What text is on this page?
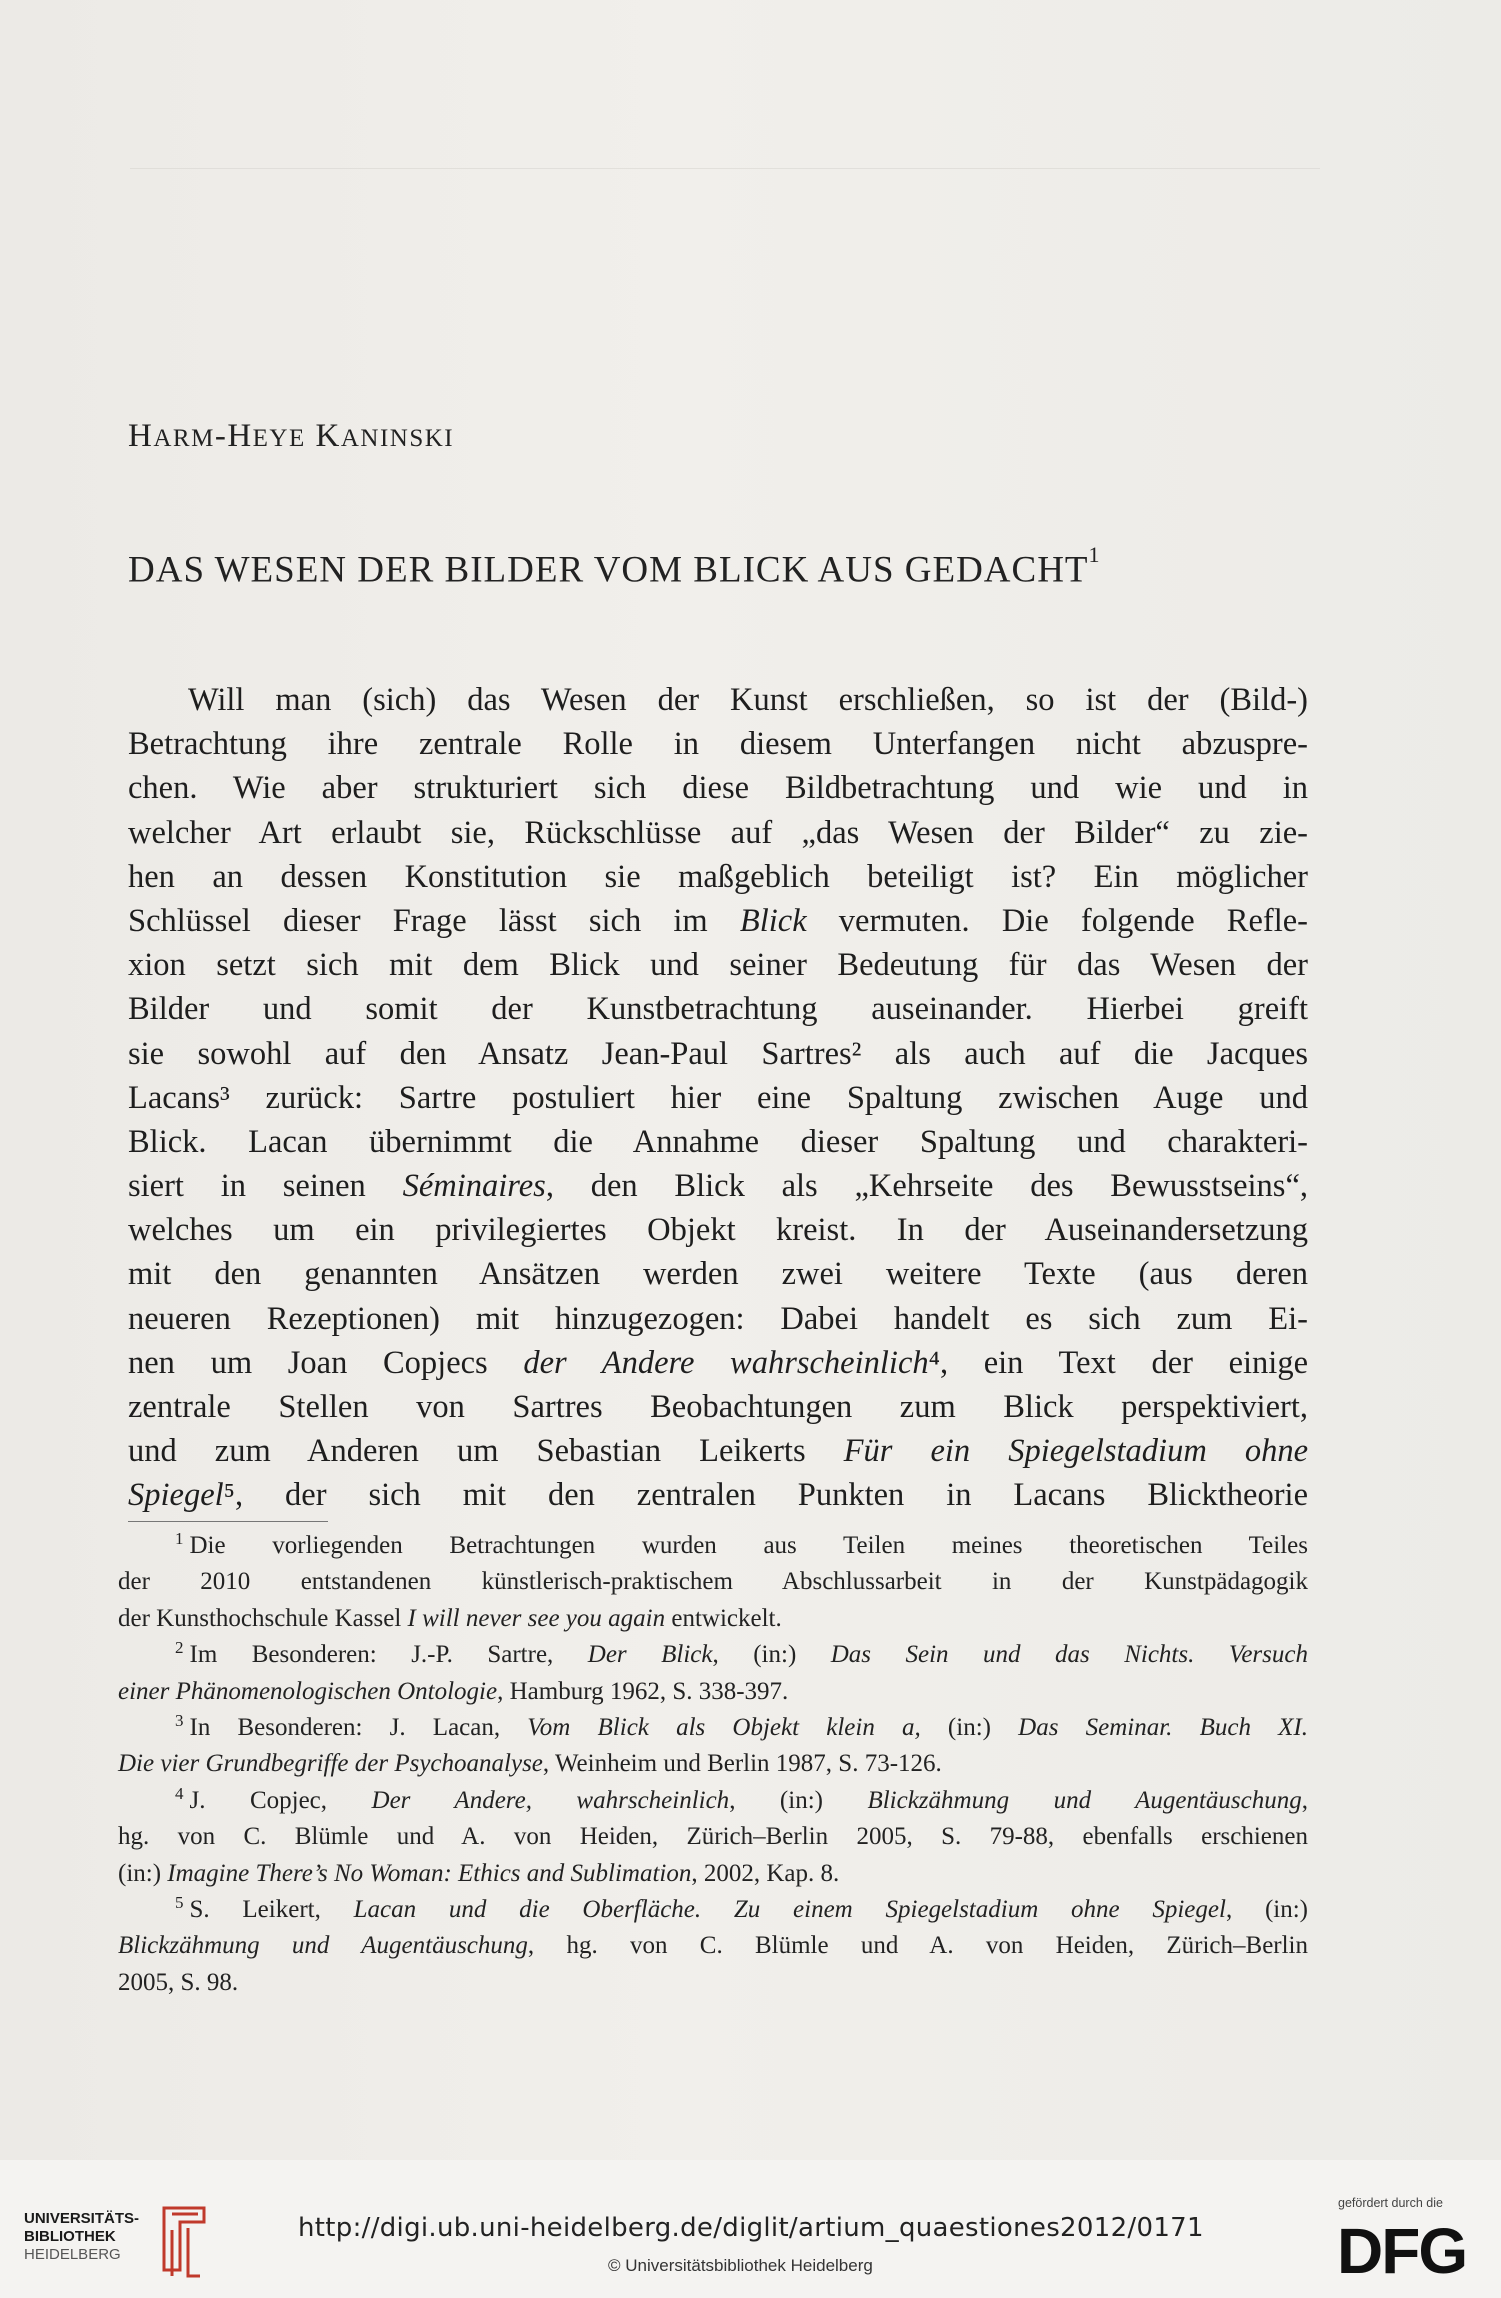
HARM-HEYE KANINSKI
DAS WESEN DER BILDER VOM BLICK AUS GEDACHT$^1$
Will man (sich) das Wesen der Kunst erschließen, so ist der (Bild-)
Betrachtung ihre zentrale Rolle in diesem Unterfangen nicht abzuspre-
chen. Wie aber strukturiert sich diese Bildbetrachtung und wie und in
welcher Art erlaubt sie, Rückschlüsse auf „das Wesen der Bilder“ zu zie-
hen an dessen Konstitution sie maßgeblich beteiligt ist? Ein möglicher
Schlüssel dieser Frage lässt sich im Blick vermuten. Die folgende Refle-
xion setzt sich mit dem Blick und seiner Bedeutung für das Wesen der
Bilder und somit der Kunstbetrachtung auseinander. Hierbei greift
sie sowohl auf den Ansatz Jean-Paul Sartres² als auch auf die Jacques
Lacans³ zurück: Sartre postuliert hier eine Spaltung zwischen Auge und
Blick. Lacan übernimmt die Annahme dieser Spaltung und charakteri-
siert in seinen Séminaires, den Blick als „Kehrseite des Bewusstseins“,
welches um ein privilegiertes Objekt kreist. In der Auseinandersetzung
mit den genannten Ansätzen werden zwei weitere Texte (aus deren
neueren Rezeptionen) mit hinzugezogen: Dabei handelt es sich zum Ei-
nen um Joan Copjecs der Andere wahrscheinlich⁴, ein Text der einige
zentrale Stellen von Sartres Beobachtungen zum Blick perspektiviert,
und zum Anderen um Sebastian Leikerts Für ein Spiegelstadium ohne
Spiegel⁵, der sich mit den zentralen Punkten in Lacans Blicktheorie
$^1$ Die vorliegenden Betrachtungen wurden aus Teilen meines theoretischen Teiles
der 2010 entstandenen künstlerisch-praktischem Abschlussarbeit in der Kunstpädagogik
der Kunsthochschule Kassel I will never see you again entwickelt.
$^2$ Im Besonderen: J.-P. Sartre, Der Blick, (in:) Das Sein und das Nichts. Versuch
einer Phänomenologischen Ontologie, Hamburg 1962, S. 338-397.
$^3$ In Besonderen: J. Lacan, Vom Blick als Objekt klein a, (in:) Das Seminar. Buch XI.
Die vier Grundbegriffe der Psychoanalyse, Weinheim und Berlin 1987, S. 73-126.
$^4$ J. Copjec, Der Andere, wahrscheinlich, (in:) Blickzähmung und Augentäuschung,
hg. von C. Blümle und A. von Heiden, Zürich–Berlin 2005, S. 79-88, ebenfalls erschienen
(in:) Imagine There’s No Woman: Ethics and Sublimation, 2002, Kap. 8.
$^5$ S. Leikert, Lacan und die Oberfläche. Zu einem Spiegelstadium ohne Spiegel, (in:)
Blickzähmung und Augentäuschung, hg. von C. Blümle und A. von Heiden, Zürich–Berlin
2005, S. 98.
UNIVERSITÄTS-
BIBLIOTHEK
HEIDELBERG
http://digi.ub.uni-heidelberg.de/diglit/artium_quaestiones2012/0171
© Universitätsbibliothek Heidelberg
gefördert durch die
DFG
